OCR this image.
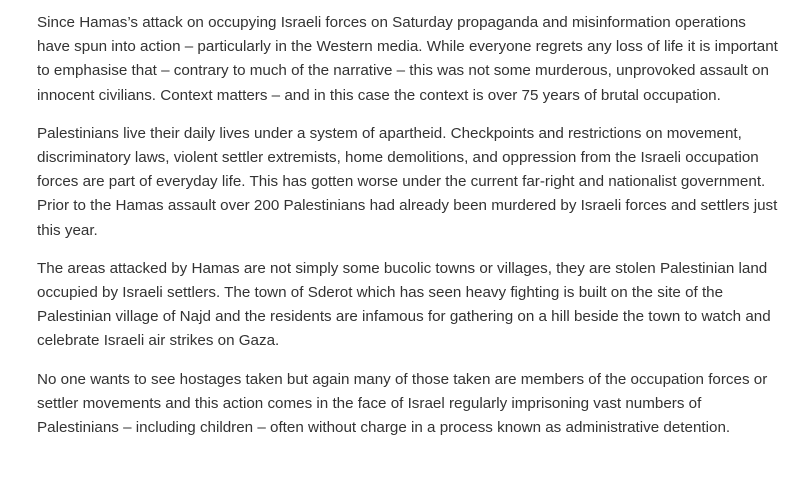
Since Hamas’s attack on occupying Israeli forces on Saturday propaganda and misinformation operations have spun into action – particularly in the Western media. While everyone regrets any loss of life it is important to emphasise that – contrary to much of the narrative – this was not some murderous, unprovoked assault on innocent civilians. Context matters – and in this case the context is over 75 years of brutal occupation.

Palestinians live their daily lives under a system of apartheid. Checkpoints and restrictions on movement, discriminatory laws, violent settler extremists, home demolitions, and oppression from the Israeli occupation forces are part of everyday life. This has gotten worse under the current far-right and nationalist government. Prior to the Hamas assault over 200 Palestinians had already been murdered by Israeli forces and settlers just this year.

The areas attacked by Hamas are not simply some bucolic towns or villages, they are stolen Palestinian land occupied by Israeli settlers. The town of Sderot which has seen heavy fighting is built on the site of the Palestinian village of Najd and the residents are infamous for gathering on a hill beside the town to watch and celebrate Israeli air strikes on Gaza.

No one wants to see hostages taken but again many of those taken are members of the occupation forces or settler movements and this action comes in the face of Israel regularly imprisoning vast numbers of Palestinians – including children – often without charge in a process known as administrative detention.
